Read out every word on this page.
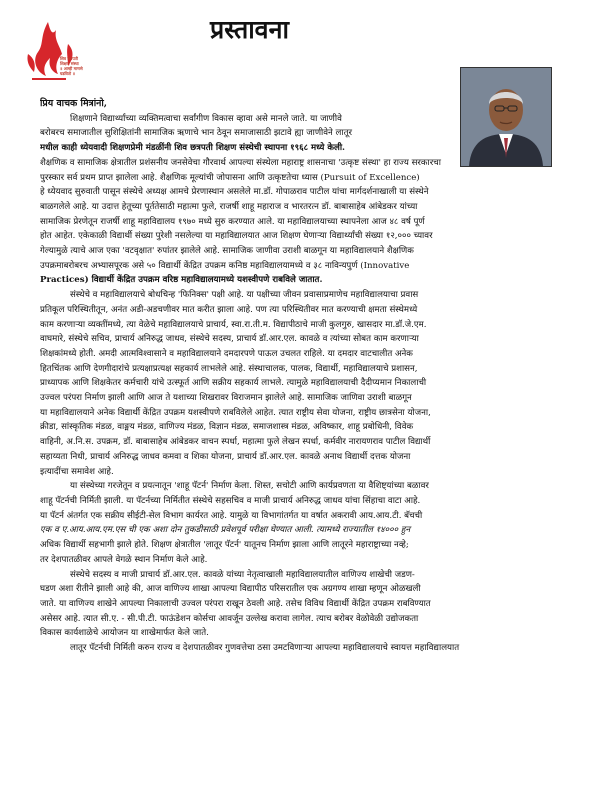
शिव छत्रपती
शिक्षण संस्था
॥ आम्ही माणसे घडवितो ॥
प्रस्तावना
प्रिय वाचक मित्रांनो,
शिक्षणाने विद्यार्थ्यांच्या व्यक्तिमत्वाचा सर्वांगीण विकास व्हावा असे मानले जाते. या जाणीवे
बरोबरच समाजातील सुशिक्षितांनी सामाजिक ऋणाचे भान ठेवून समाजासाठी झटावे ह्या जाणीवेने लातूर
मधील काही ध्येयवादी शिक्षणप्रेमी मंडळींनी शिव छत्रपती शिक्षण संस्थेची स्थापना १९६८ मध्ये केली.
शैक्षणिक व सामाजिक क्षेत्रातील प्रशंसनीय जनसेवेचा गौरवार्थ आपल्या संस्थेला महाराष्ट्र शासनाचा 'उत्कृष्ट संस्था' हा राज्य सरकारचा
पुरस्कार सर्व प्रथम प्राप्त झालेला आहे. शैक्षणिक मूल्यांची जोपासना आणि उत्कृष्टतेचा ध्यास (Pursuit of Excellence)
हे ध्येयवाद सुरुवाती पासून संस्थेचे अध्यक्ष आमचे प्रेरणास्थान असलेले मा.डॉ. गोपाळराव पाटील यांचा मार्गदर्शनाखाली या संस्थेने
बाळगलेले आहे. या उदात्त हेतूच्या पूर्ततेसाठी महात्मा फुले, राजर्षी शाहू महाराज व भारतरत्न डॉ. बाबासाहेब आंबेडकर यांच्या
सामाजिक प्रेरणेतून राजर्षी शाहू महाविद्यालय १९७० मध्ये सुरु करण्यात आले. या महाविद्यालयाच्या स्थापनेला आज ४८ वर्ष पूर्ण
होत आहेत. एकेकाळी विद्यार्थी संख्या पुरेशी नसलेल्या या महाविद्यालयात आज शिक्षण घेणाऱ्या विद्यार्थ्यांची संख्या १२,००० च्यावर
गेल्यामुळे त्याचे आज एका 'वटवृक्षात' रुपांतर झालेले आहे. सामाजिक जाणीवा उराशी बाळगून या महाविद्यालयाने शैक्षणिक
उपक्रमाबरोबरच अभ्यासपूरक असे ५० विद्यार्थी केंद्रित उपक्रम कनिष्ठ महाविद्यालयामध्ये व ३८ नाविन्यपुर्ण (Innovative
Practices) विद्यार्थी केंद्रित उपक्रम वरिष्ठ महाविद्यालयामध्ये यशस्वीपणे राबविले जातात.
संस्थेचे व महाविद्यालयाचे बोधचिन्ह 'फिनिक्स' पक्षी आहे. या पक्षीच्या जीवन प्रवासाप्रमाणेच महाविद्यालयाचा प्रवास
प्रतिकूल परिस्थितीतून, अनंत अडी-अडचणीवर मात करीत झाला आहे. पण त्या परिस्थितीवर मात करण्याची क्षमता संस्थेमध्ये
काम करणाऱ्या व्यक्तींमध्ये, त्या वेळेचे महाविद्यालयाचे प्राचार्य, स्वा.रा.ती.म. विद्यापीठाचे माजी कुलगुरु, खासदार मा.डॉ.जे.एम.
वाघमारे, संस्थेचे सचिव, प्राचार्य अनिरुद्ध जाधव, संस्थेचे सदस्य, प्राचार्य डॉ.आर.एल. कावळे व त्यांच्या सोबत काम करणाऱ्या
शिक्षकांमध्ये होती. अमदी आत्मविश्वासाने व महाविद्यालयाने दमदारपणे पाऊल उचलत राहिले. या दमदार वाटचालीत अनेक
हितचिंतक आणि देणगीदारांचे प्रत्यक्षाप्रत्यक्ष सहकार्य लाभलेले आहे. संस्थाचालक, पालक, विद्यार्थी, महाविद्यालयाचे प्रशासन,
प्राध्यापक आणि शिक्षकेतर कर्मचारी यांचे उत्स्फूर्त आणि सक्रीय सहकार्य लाभले. त्यामुळे महाविद्यालयाची दैदीप्यमान निकालाची
उज्वल परंपरा निर्माण झाली आणि आज ते यशाच्या शिखरावर विराजमान झालेले आहे. सामाजिक जाणिवा उराशी बाळगून
या महाविद्यालयाने अनेक विद्यार्थी केंद्रित उपक्रम यशस्वीपणे राबविलेले आहेत. त्यात राष्ट्रीय सेवा योजना, राष्ट्रीय छात्रसेना योजना,
क्रीडा, सांस्कृतिक मंडळ, वाङ्मय मंडळ, वाणिज्य मंडळ, विज्ञान मंडळ, समाजशास्त्र मंडळ, अविष्कार, शाहू प्रबोधिनी, विवेक
वाहिनी, अ.नि.स. उपक्रम, डॉ. बाबासाहेब आंबेडकर वाचन स्पर्धा, महात्मा फुले लेखन स्पर्धा, कर्मवीर नारायणराव पाटील विद्यार्थी
सहाय्यता निधी, प्राचार्य अनिरुद्ध जाधव कमवा व शिका योजना, प्राचार्य डॉ.आर.एल. कावळे अनाथ विद्यार्थी दत्तक योजना
इत्यादींचा समावेश आहे.
या संस्थेच्या गरजेतून व प्रयत्नातून 'शाहू पॅटर्न' निर्माण केला. शिस्त, सचोटी आणि कार्यप्रवणता या वैशिष्ट्यांच्या बळावर
शाहू पॅटर्नची निर्मिती झाली. या पॅटर्नच्या निर्मितीत संस्थेचे सहसचिव व माजी प्राचार्य अनिरुद्ध जाधव यांचा सिंहाचा वाटा आहे.
या पॅटर्न अंतर्गत एक सक्रीय सीईटी-सेल विभाग कार्यरत आहे. यामुळे या विभागांतर्गत या वर्षात अकरावी आय.आय.टी. बॅचची
एक व ए.आय.आय.एम.एस ची एक अशा दोन तुकडीसाठी प्रवेशपूर्व परीक्षा घेण्यात आली. त्यामध्ये राज्यातील १४००० हुन
अधिक विद्यार्थी सहभागी झाले होते. शिक्षण क्षेत्रातील 'लातूर पॅटर्न' यातूनच निर्माण झाला आणि लातूरने महाराष्ट्राच्या नव्हे;
तर देशपातळीवर आपले वेगळे स्थान निर्माण केले आहे.
संस्थेचे सदस्य व माजी प्राचार्य डॉ.आर.एल. कावळे यांच्या नेतृत्वाखाली महाविद्यालयातील वाणिज्य शाखेची जडण-
घडण अशा रीतीने झाली आहे की, आज वाणिज्य शाखा आपल्या विद्यापीठ परिसरातील एक अग्रगण्य शाखा म्हणून ओळखली
जाते. या वाणिज्य शाखेने आपल्या निकालाची उज्वल परंपरा राखून ठेवली आहे. तसेच विविध विद्यार्थी केंद्रित उपक्रम राबविण्यात
असेसर आहे. त्यात सी.ए. - सी.पी.टी. फाऊंडेशन कोर्सचा आवर्जून उल्लेख करावा लागेल. त्याच बरोबर वेळोवेळी उद्योजकता
विकास कार्यशाळेचे आयोजन या शाखेमार्फत केले जाते.
लातूर पॅटर्नची निर्मिती करुन राज्य व देशपातळीवर गुणवत्तेचा ठसा उमटविणाऱ्या आपल्या महाविद्यालयाचे स्वायत्त महाविद्यालयात
